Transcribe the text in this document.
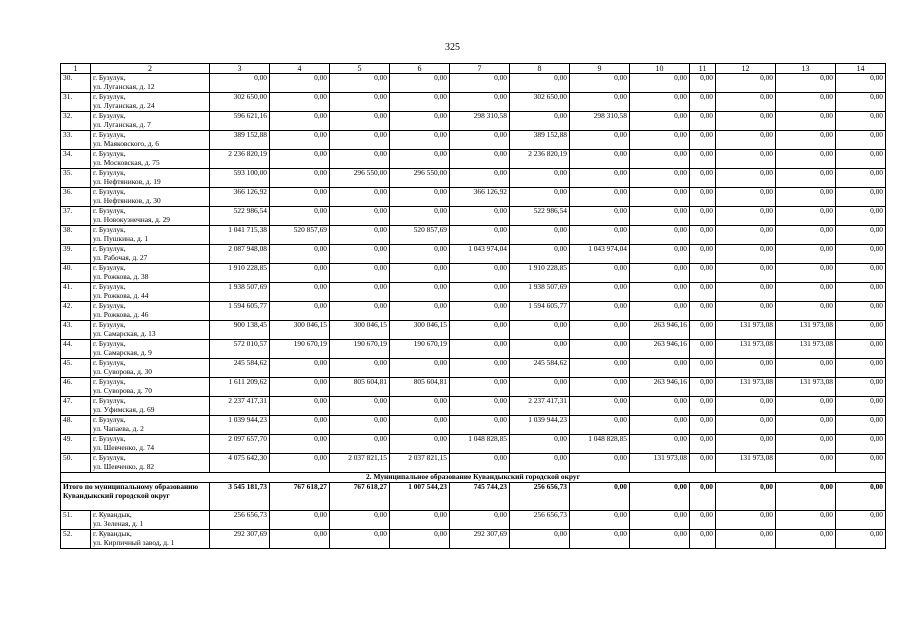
325
1	2	3	4	5	6	7	8	9	10	11	12	13	14
30.	г. Бузулук,
ул. Луганская, д. 12	0,00	0,00	0,00	0,00	0,00	0,00	0,00	0,00	0,00	0,00	0,00	0,00
31.	г. Бузулук,
ул. Луганская, д. 24	302 650,00	0,00	0,00	0,00	0,00	302 650,00	0,00	0,00	0,00	0,00	0,00	0,00
32.	г. Бузулук,
ул. Луганская, д. 7	596 621,16	0,00	0,00	0,00	298 310,58	0,00	298 310,58	0,00	0,00	0,00	0,00	0,00
33.	г. Бузулук,
ул. Маяковского, д. 6	389 152,88	0,00	0,00	0,00	0,00	389 152,88	0,00	0,00	0,00	0,00	0,00	0,00
34.	г. Бузулук,
ул. Московская, д. 75	2 236 820,19	0,00	0,00	0,00	0,00	2 236 820,19	0,00	0,00	0,00	0,00	0,00	0,00
35.	г. Бузулук,
ул. Нефтяников, д. 19	593 100,00	0,00	296 550,00	296 550,00	0,00	0,00	0,00	0,00	0,00	0,00	0,00	0,00
36.	г. Бузулук,
ул. Нефтяников, д. 30	366 126,92	0,00	0,00	0,00	366 126,92	0,00	0,00	0,00	0,00	0,00	0,00	0,00
37.	г. Бузулук,
ул. Новокузнечная, д. 29	522 986,54	0,00	0,00	0,00	0,00	522 986,54	0,00	0,00	0,00	0,00	0,00	0,00
38.	г. Бузулук,
ул. Пушкина, д. 1	1 041 715,38	520 857,69	0,00	520 857,69	0,00	0,00	0,00	0,00	0,00	0,00	0,00	0,00
39.	г. Бузулук,
ул. Рабочая, д. 27	2 087 948,08	0,00	0,00	0,00	1 043 974,04	0,00	1 043 974,04	0,00	0,00	0,00	0,00	0,00
40.	г. Бузулук,
ул. Рожкова, д. 38	1 910 228,85	0,00	0,00	0,00	0,00	1 910 228,85	0,00	0,00	0,00	0,00	0,00	0,00
41.	г. Бузулук,
ул. Рожкова, д. 44	1 938 507,69	0,00	0,00	0,00	0,00	1 938 507,69	0,00	0,00	0,00	0,00	0,00	0,00
42.	г. Бузулук,
ул. Рожкова, д. 46	1 594 605,77	0,00	0,00	0,00	0,00	1 594 605,77	0,00	0,00	0,00	0,00	0,00	0,00
43.	г. Бузулук,
ул. Самарская, д. 13	900 138,45	300 046,15	300 046,15	300 046,15	0,00	0,00	0,00	263 946,16	0,00	131 973,08	131 973,08	0,00
44.	г. Бузулук,
ул. Самарская, д. 9	572 010,57	190 670,19	190 670,19	190 670,19	0,00	0,00	0,00	263 946,16	0,00	131 973,08	131 973,08	0,00
45.	г. Бузулук,
ул. Суворова, д. 30	245 584,62	0,00	0,00	0,00	0,00	245 584,62	0,00	0,00	0,00	0,00	0,00	0,00
46.	г. Бузулук,
ул. Суворова, д. 70	1 611 209,62	0,00	805 604,81	805 604,81	0,00	0,00	0,00	263 946,16	0,00	131 973,08	131 973,08	0,00
47.	г. Бузулук,
ул. Уфимская, д. 69	2 237 417,31	0,00	0,00	0,00	0,00	2 237 417,31	0,00	0,00	0,00	0,00	0,00	0,00
48.	г. Бузулук,
ул. Чапаева, д. 2	1 039 944,23	0,00	0,00	0,00	0,00	1 039 944,23	0,00	0,00	0,00	0,00	0,00	0,00
49.	г. Бузулук,
ул. Шевченко, д. 74	2 097 657,70	0,00	0,00	0,00	1 048 828,85	0,00	1 048 828,85	0,00	0,00	0,00	0,00	0,00
50.	г. Бузулук,
ул. Шевченко, д. 82	4 075 642,30	0,00	2 037 821,15	2 037 821,15	0,00	0,00	0,00	131 973,08	0,00	131 973,08	0,00	0,00
2. Муниципальное образование Кувандыкский городской округ													
Итого по муниципальному образованию Кувандыкский городской округ		3 545 181,73	767 618,27	767 618,27	1 007 544,23	745 744,23	256 656,73	0,00	0,00	0,00	0,00	0,00	0,00
51.	г. Кувандык,
ул. Зеленая, д. 1	256 656,73	0,00	0,00	0,00	0,00	256 656,73	0,00	0,00	0,00	0,00	0,00	0,00
52.	г. Кувандык,
ул. Кирпичный завод, д. 1	292 307,69	0,00	0,00	0,00	292 307,69	0,00	0,00	0,00	0,00	0,00	0,00	0,00
